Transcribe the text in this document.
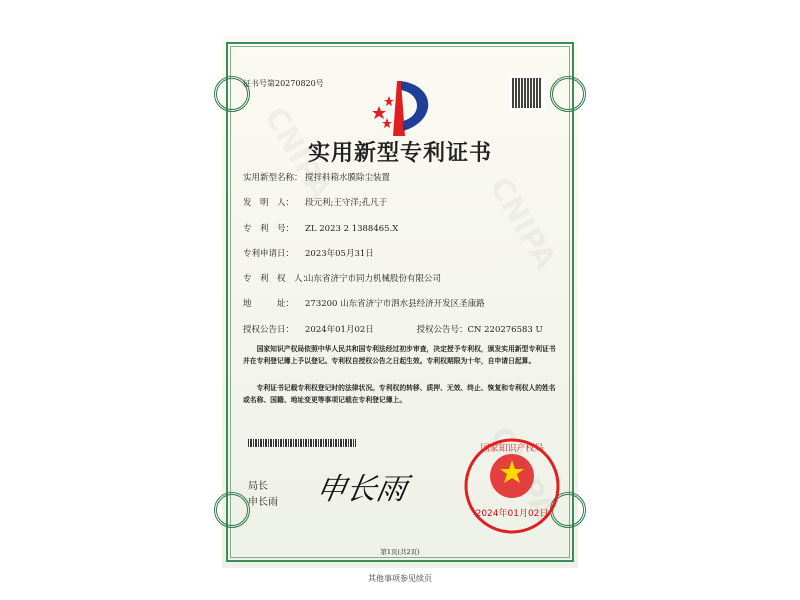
证书号第20270820号
实用新型专利证书
实用新型名称： 搅拌料箱水膜除尘装置
发　明　人： 段元利;王守洋;孔凡于
专　利　号： ZL 2023 2 1388465.X
专利申请日： 2023年05月31日
专　利　权　人：山东省济宁市同力机械股份有限公司
地　　　址： 273200 山东省济宁市泗水县经济开发区圣康路
授权公告日： 2024年01月02日	授权公告号：CN 220276583 U
国家知识产权局依照中华人民共和国专利法经过初步审查，决定授予专利权，颁发实用新型专利证书并在专利登记簿上予以登记。专利权自授权公告之日起生效。专利权期限为十年，自申请日起算。
专利证书记载专利权登记时的法律状况。专利权的转移、质押、无效、终止、恢复和专利权人的姓名或名称、国籍、地址变更等事项记载在专利登记簿上。
局长
申长雨 申长雨
2024年01月02日
国家知识产权局
第1页(共2页)
其他事项参见续页
